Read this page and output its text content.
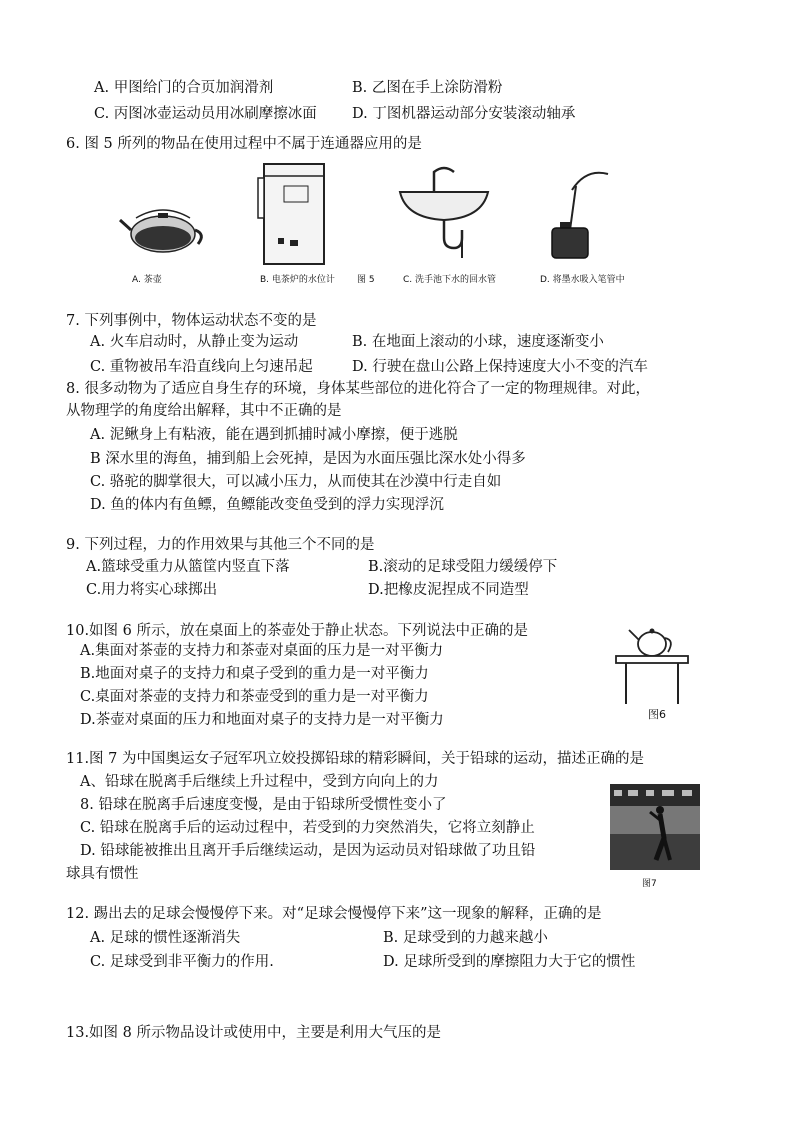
A. 甲图给门的合页加润滑剂	B. 乙图在手上涂防滑粉
C. 丙图冰壶运动员用冰刷摩擦冰面 D. 丁图机器运动部分安装滚动轴承
6. 图 5 所列的物品在使用过程中不属于连通器应用的是
A. 茶壶	B. 电茶炉的水位计 图 5	C. 洗手池下水的回水管	D. 将墨水吸入笔管中
7. 下列事例中，物体运动状态不变的是
A. 火车启动时，从静止变为运动	B. 在地面上滚动的小球，速度逐渐变小
C. 重物被吊车沿直线向上匀速吊起	D. 行驶在盘山公路上保持速度大小不变的汽车
8. 很多动物为了适应自身生存的环境，身体某些部位的进化符合了一定的物理规律。对此，
从物理学的角度给出解释，其中不正确的是
A. 泥鳅身上有粘液，能在遇到抓捕时减小摩擦，便于逃脱
B 深水里的海鱼，捕到船上会死掉，是因为水面压强比深水处小得多
C. 骆驼的脚掌很大，可以减小压力，从而使其在沙漠中行走自如
D. 鱼的体内有鱼鳔，鱼鳔能改变鱼受到的浮力实现浮沉
9. 下列过程，力的作用效果与其他三个不同的是
A.篮球受重力从篮筐内竖直下落	B.滚动的足球受阻力缓缓停下
C.用力将实心球掷出	D.把橡皮泥捏成不同造型
10.如图 6 所示，放在桌面上的茶壶处于静止状态。下列说法中正确的是
A.集面对茶壶的支持力和茶壶对桌面的压力是一对平衡力
B.地面对桌子的支持力和桌子受到的重力是一对平衡力
C.桌面对茶壶的支持力和茶壶受到的重力是一对平衡力
D.茶壶对桌面的压力和地面对桌子的支持力是一对平衡力	图6
11.图 7 为中国奥运女子冠军巩立姣投掷铅球的精彩瞬间，关于铅球的运动，描述正确的是
A、铅球在脱离手后继续上升过程中，受到方向向上的力
8. 铅球在脱离手后速度变慢，是由于铅球所受惯性变小了
C. 铅球在脱离手后的运动过程中，若受到的力突然消失，它将立刻静止
D. 铅球能被推出且离开手后继续运动，是因为运动员对铅球做了功且铅
球具有惯性
图7
12. 踢出去的足球会慢慢停下来。对“足球会慢慢停下来”这一现象的解释，正确的是
A. 足球的惯性逐渐消失	B. 足球受到的力越来越小
C. 足球受到非平衡力的作用.	D. 足球所受到的摩擦阻力大于它的惯性
13.如图 8 所示物品设计或使用中，主要是利用大气压的是
